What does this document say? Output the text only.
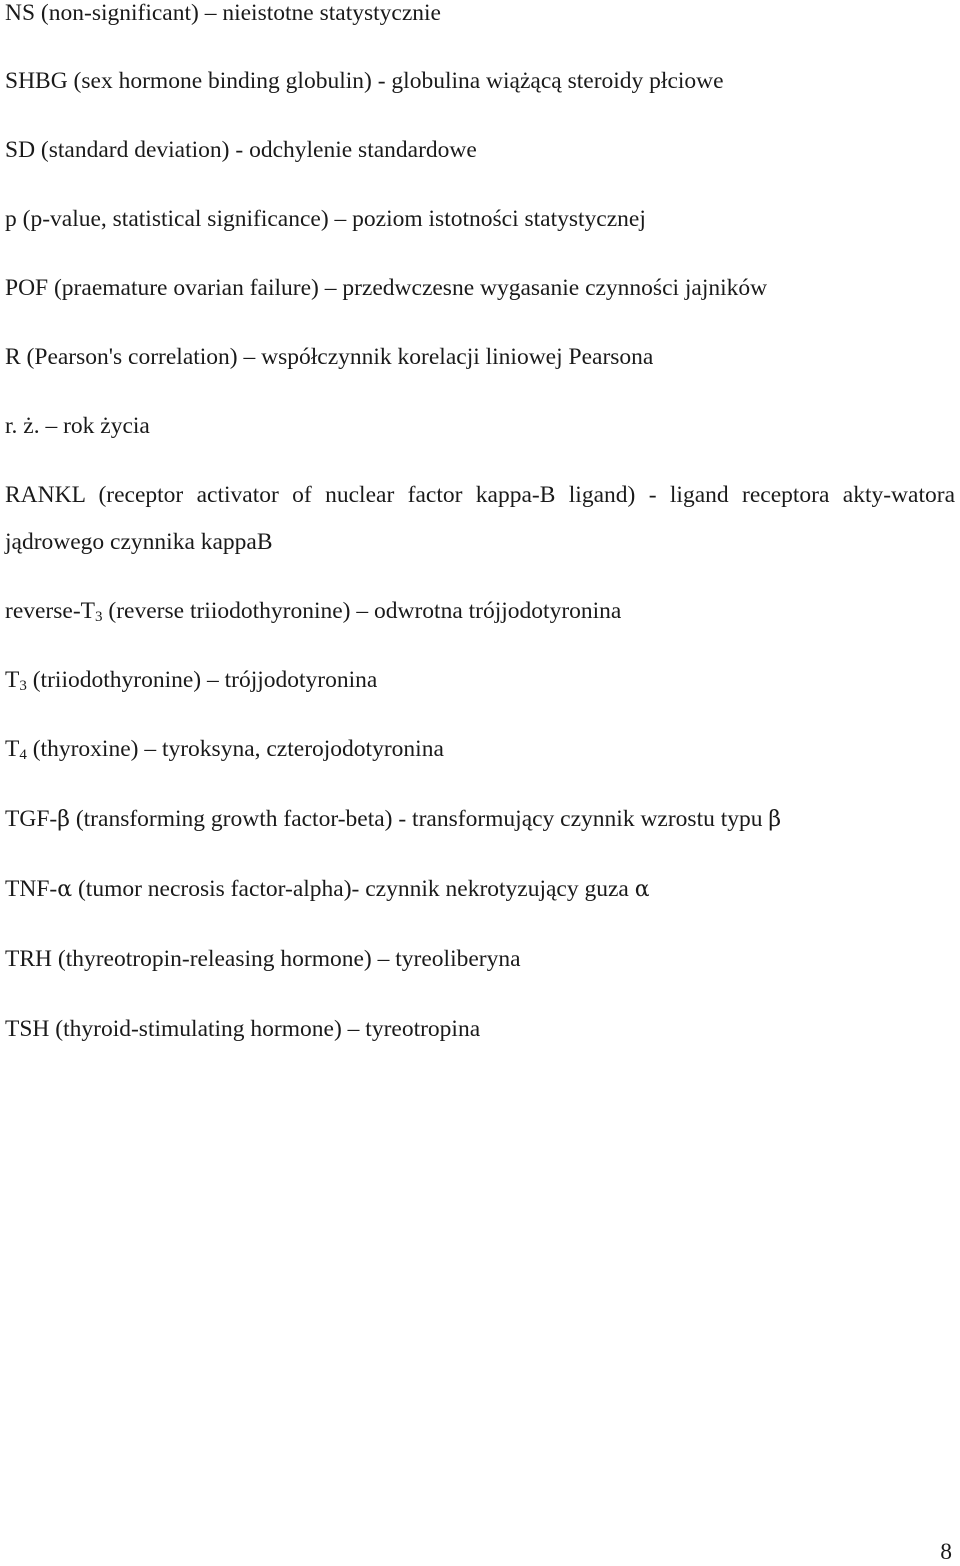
NS (non-significant) – nieistotne statystycznie

SHBG (sex hormone binding globulin) - globulina wiążącą steroidy płciowe

SD (standard deviation) - odchylenie standardowe

p (p-value, statistical significance) – poziom istotności statystycznej

POF (praemature ovarian failure) – przedwczesne wygasanie czynności jajników

R (Pearson's correlation) – współczynnik korelacji liniowej Pearsona

r. ż. – rok życia

RANKL (receptor activator of nuclear factor kappa-B ligand) - ligand receptora akty-watora jądrowego czynnika kappaB

reverse-$T_3$ (reverse triiodothyronine) – odwrotna trójjodotyronina

$T_3$ (triiodothyronine) – trójjodotyronina

$T_4$ (thyroxine) – tyroksyna, czterojodotyronina

TGF-β (transforming growth factor-beta) - transformujący czynnik wzrostu typu β

TNF-α (tumor necrosis factor-alpha)- czynnik nekrotyzujący guza α

TRH (thyreotropin-releasing hormone) – tyreoliberyna

TSH (thyroid-stimulating hormone) – tyreotropina

8
